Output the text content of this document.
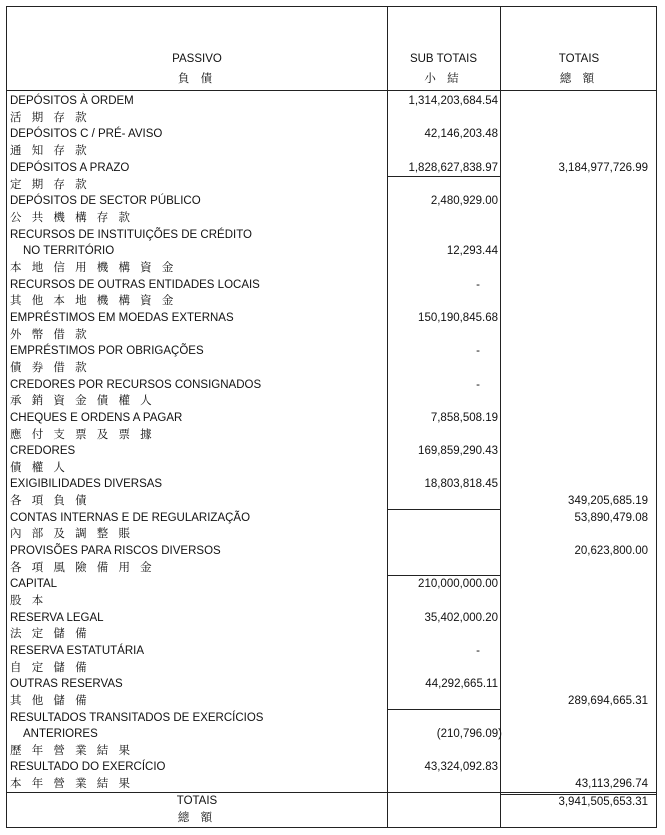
PASSIVO
負 債
SUB TOTAIS
小 結
TOTAIS
總 額
DEPÓSITOS À ORDEM
活 期 存 款
DEPÓSITOS C / PRÉ- AVISO
通 知 存 款
DEPÓSITOS A PRAZO
定 期 存 款
DEPÓSITOS DE SECTOR PÚBLICO
公 共 機 構 存 款
RECURSOS DE INSTITUIÇÕES DE CRÉDITO
NO TERRITÓRIO
本 地 信 用 機 構 資 金
RECURSOS DE OUTRAS ENTIDADES LOCAIS
其 他 本 地 機 構 資 金
EMPRÉSTIMOS EM MOEDAS EXTERNAS
外 幣 借 款
EMPRÉSTIMOS POR OBRIGAÇÕES
債 券 借 款
CREDORES POR RECURSOS CONSIGNADOS
承 銷 資 金 債 權 人
CHEQUES E ORDENS A PAGAR
應 付 支 票 及 票 據
CREDORES
債 權 人
EXIGIBILIDADES DIVERSAS
各 項 負 債
CONTAS INTERNAS E DE REGULARIZAÇÃO
內 部 及 調 整 賬
PROVISÕES PARA RISCOS DIVERSOS
各 項 風 險 備 用 金
CAPITAL
股 本
RESERVA LEGAL
法 定 儲 備
RESERVA ESTATUTÁRIA
自 定 儲 備
OUTRAS RESERVAS
其 他 儲 備
RESULTADOS TRANSITADOS DE EXERCÍCIOS
ANTERIORES
歷 年 營 業 結 果
RESULTADO DO EXERCÍCIO
本 年 營 業 結 果
1,314,203,684.54
42,146,203.48
1,828,627,838.97
2,480,929.00
12,293.44
-
150,190,845.68
-
-
7,858,508.19
169,859,290.43
18,803,818.45
210,000,000.00
35,402,000.20
-
44,292,665.11
(210,796.09)
43,324,092.83
3,184,977,726.99
349,205,685.19
53,890,479.08
20,623,800.00
289,694,665.31
43,113,296.74
TOTAIS
總 額
3,941,505,653.31
